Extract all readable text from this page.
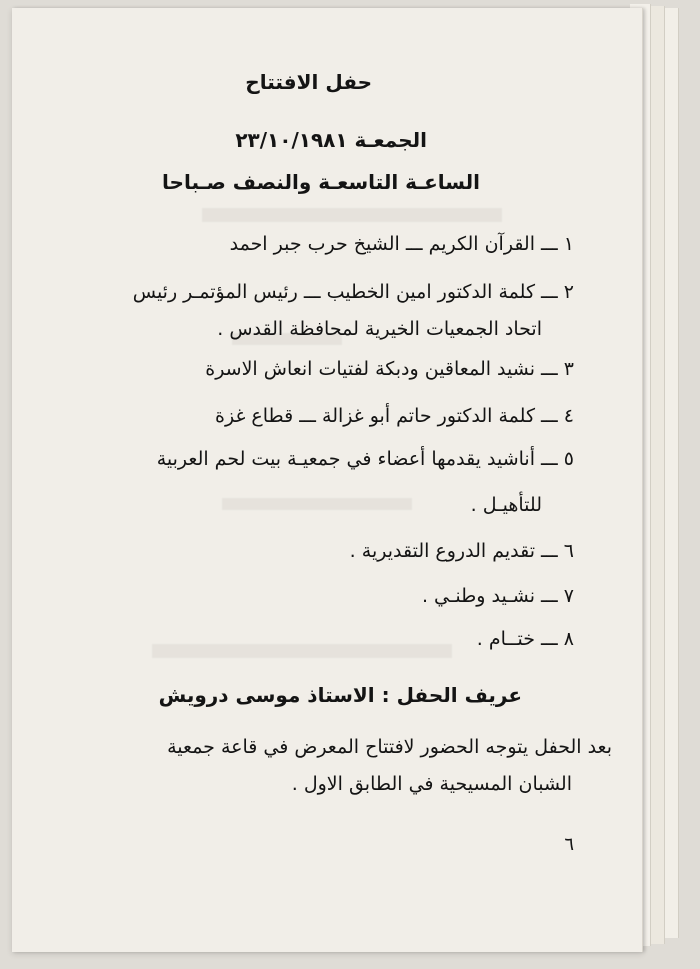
حفل الافتتاح
الجمعـة ٢٣/١٠/١٩٨١
الساعـة التاسعـة والنصف صـباحا
١ ـــ القرآن الكريم ـــ الشيخ حرب جبر احمد
٢ ـــ كلمة الدكتور امين الخطيب ـــ رئيس المؤتمـر رئيس
اتحاد الجمعيات الخيرية لمحافظة القدس .
٣ ـــ نشيد المعاقين ودبكة لفتيات انعاش الاسرة
٤ ـــ كلمة الدكتور حاتم أبو غزالة ـــ قطاع غزة
٥ ـــ أناشيد يقدمها أعضاء في جمعيـة بيت لحم العربية
للتأهيـل .
٦ ـــ تقديم الدروع التقديرية .
٧ ـــ نشـيد وطنـي .
٨ ـــ ختــام .
عريف الحفل : الاستاذ موسى درويش
بعد الحفل يتوجه الحضور لافتتاح المعرض في قاعة جمعية
الشبان المسيحية في الطابق الاول .
٦
